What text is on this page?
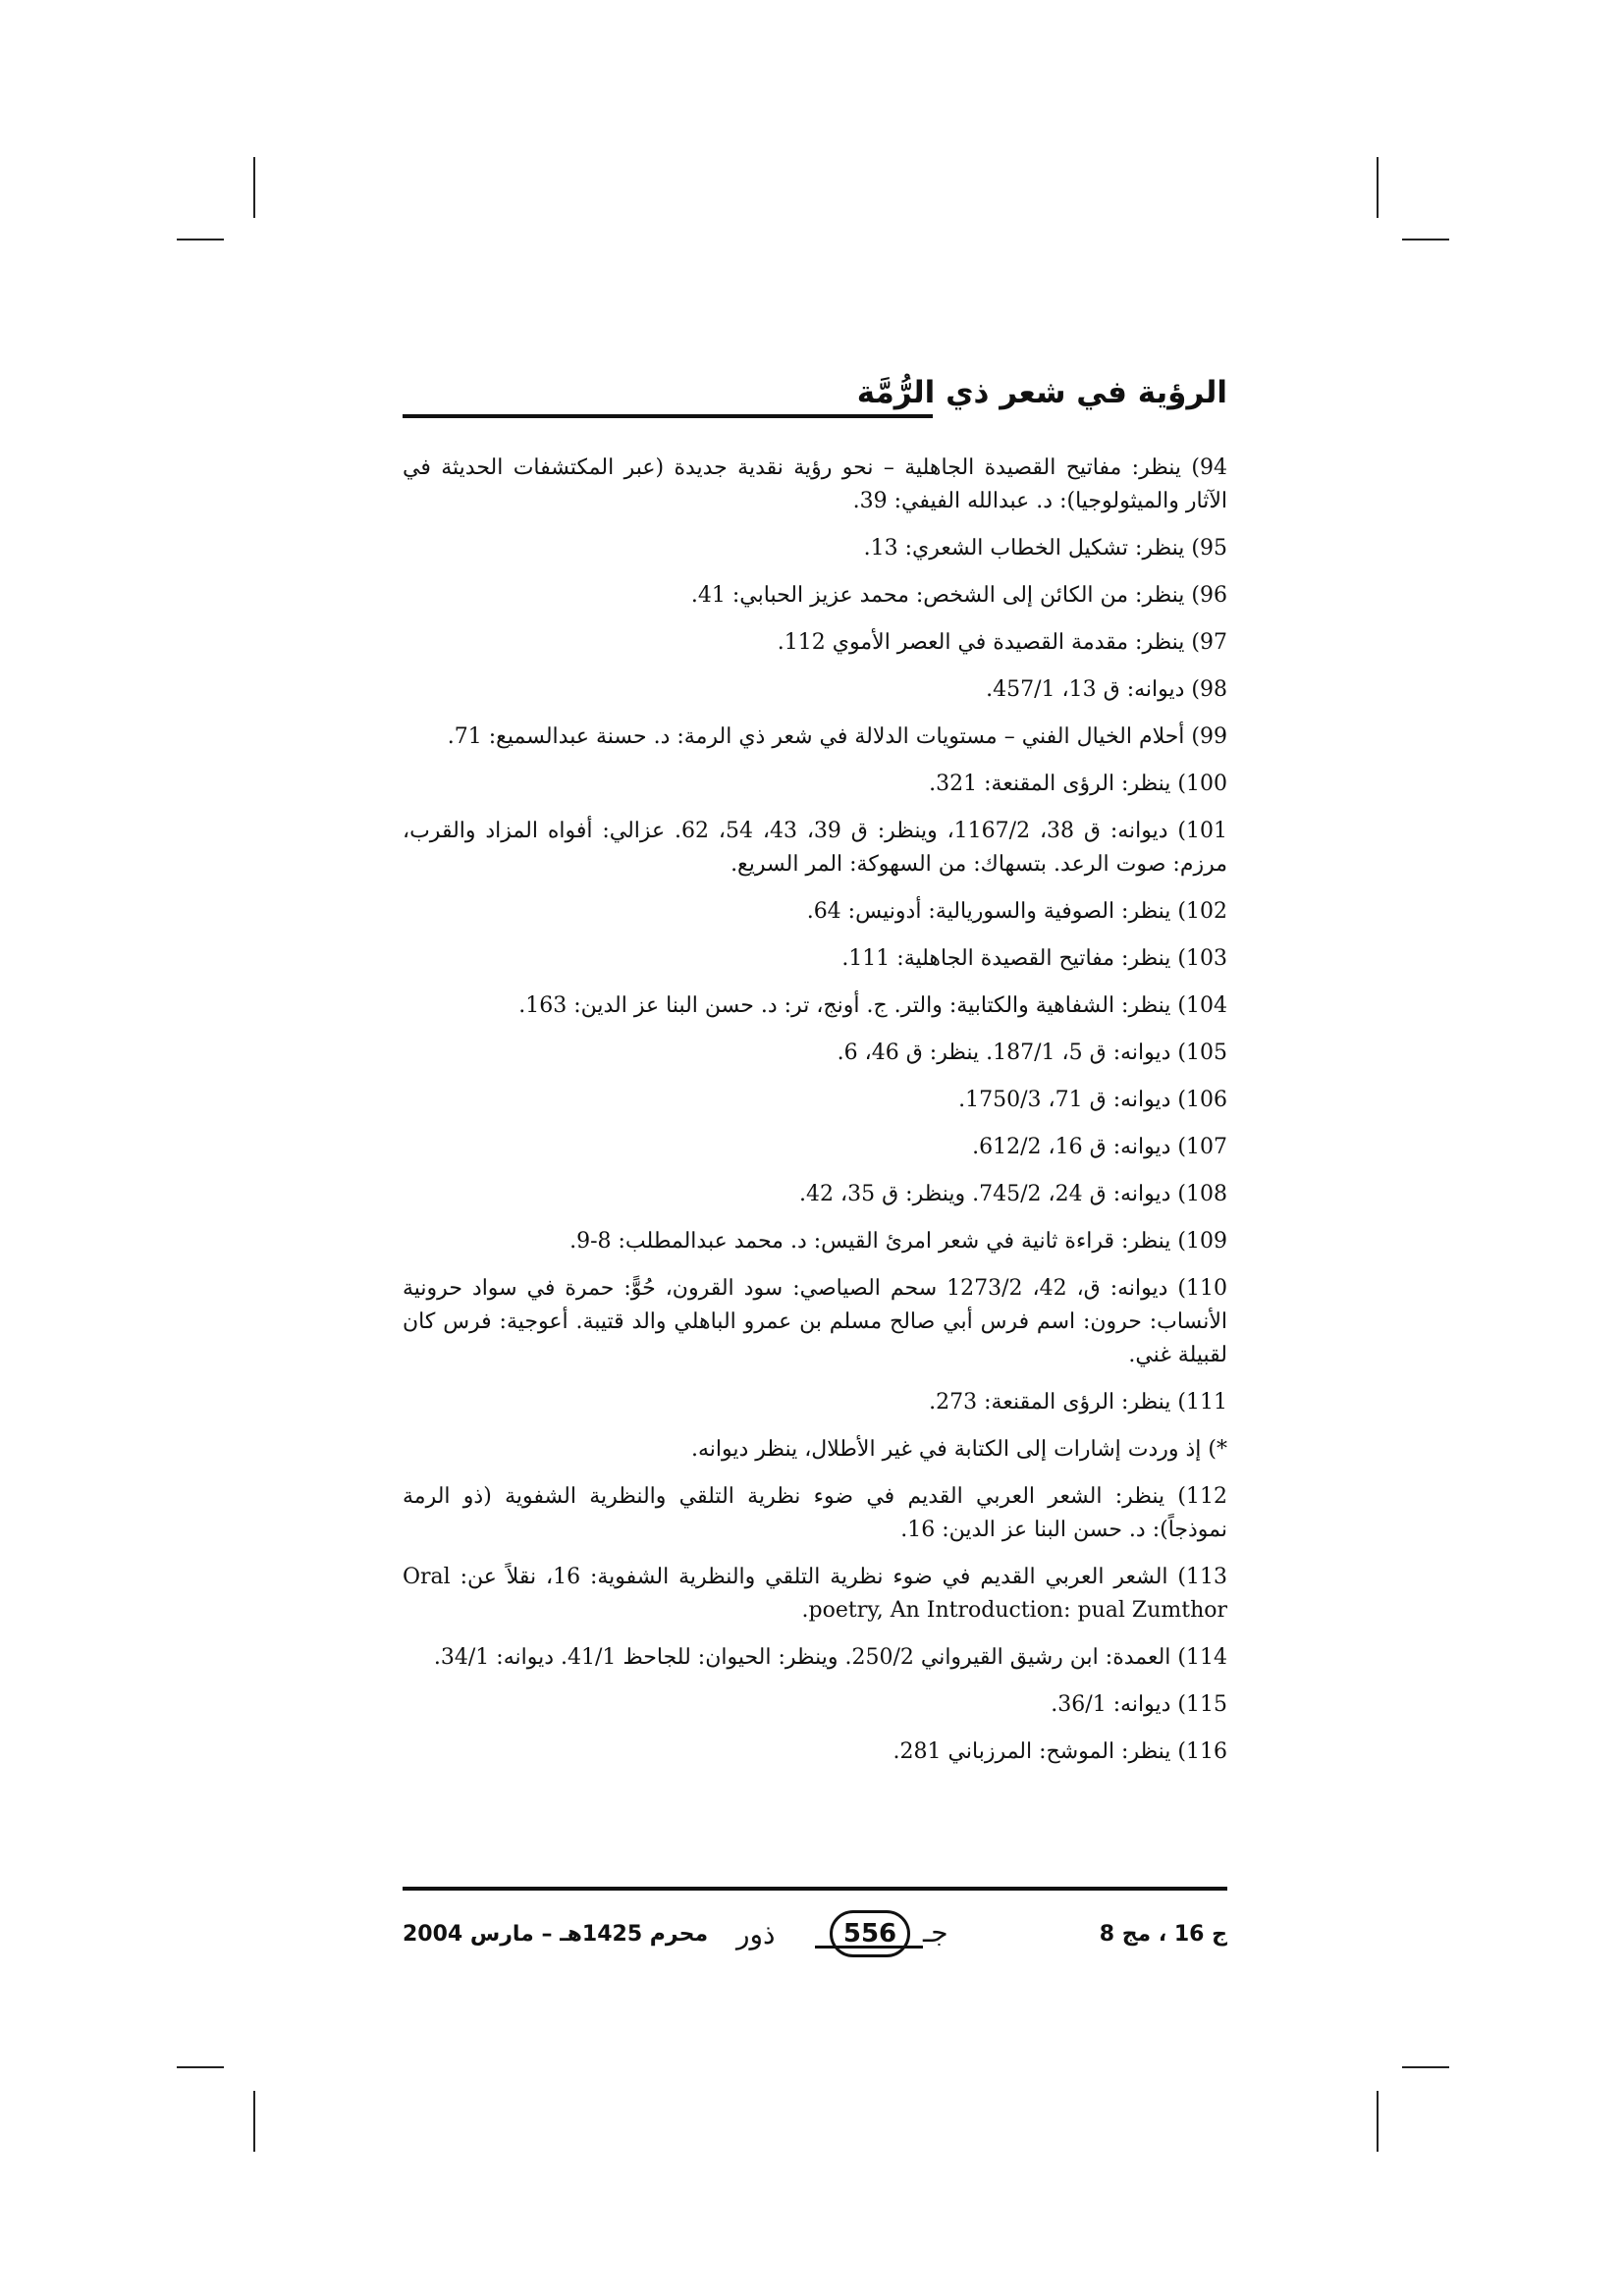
الرؤية في شعر ذي الرُّمَّة

94) ينظر: مفاتيح القصيدة الجاهلية – نحو رؤية نقدية جديدة (عبر المكتشفات الحديثة في الآثار والميثولوجيا): د. عبدالله الفيفي: 39.

95) ينظر: تشكيل الخطاب الشعري: 13.

96) ينظر: من الكائن إلى الشخص: محمد عزيز الحبابي: 41.

97) ينظر: مقدمة القصيدة في العصر الأموي 112.

98) ديوانه: ق 13، 457/1.

99) أحلام الخيال الفني – مستويات الدلالة في شعر ذي الرمة: د. حسنة عبدالسميع: 71.

100) ينظر: الرؤى المقنعة: 321.

101) ديوانه: ق 38، 1167/2، وينظر: ق 39، 43، 54، 62. عزالي: أفواه المزاد والقرب، مرزم: صوت الرعد. بتسهاك: من السهوكة: المر السريع.

102) ينظر: الصوفية والسوريالية: أدونيس: 64.

103) ينظر: مفاتيح القصيدة الجاهلية: 111.

104) ينظر: الشفاهية والكتابية: والتر. ج. أونج، تر: د. حسن البنا عز الدين: 163.

105) ديوانه: ق 5، 187/1. ينظر: ق 46، 6.

106) ديوانه: ق 71، 1750/3.

107) ديوانه: ق 16، 612/2.

108) ديوانه: ق 24، 745/2. وينظر: ق 35، 42.

109) ينظر: قراءة ثانية في شعر امرئ القيس: د. محمد عبدالمطلب: 8-9.

110) ديوانه: ق، 42، 1273/2 سحم الصياصي: سود القرون، حُوًّ: حمرة في سواد حرونية الأنساب: حرون: اسم فرس أبي صالح مسلم بن عمرو الباهلي والد قتيبة. أعوجية: فرس كان لقبيلة غني.

111) ينظر: الرؤى المقنعة: 273.

*) إذ وردت إشارات إلى الكتابة في غير الأطلال، ينظر ديوانه.

112) ينظر: الشعر العربي القديم في ضوء نظرية التلقي والنظرية الشفوية (ذو الرمة نموذجاً): د. حسن البنا عز الدين: 16.

113) الشعر العربي القديم في ضوء نظرية التلقي والنظرية الشفوية: 16، نقلاً عن: Oral poetry, An Introduction: pual Zumthor.

114) العمدة: ابن رشيق القيرواني 250/2. وينظر: الحيوان: للجاحظ 41/1. ديوانه: 34/1.

115) ديوانه: 36/1.

116) ينظر: الموشح: المرزباني 281.

ج 16 ، مج 8
ذور	556 جـ
محرم 1425هـ – مارس 2004
